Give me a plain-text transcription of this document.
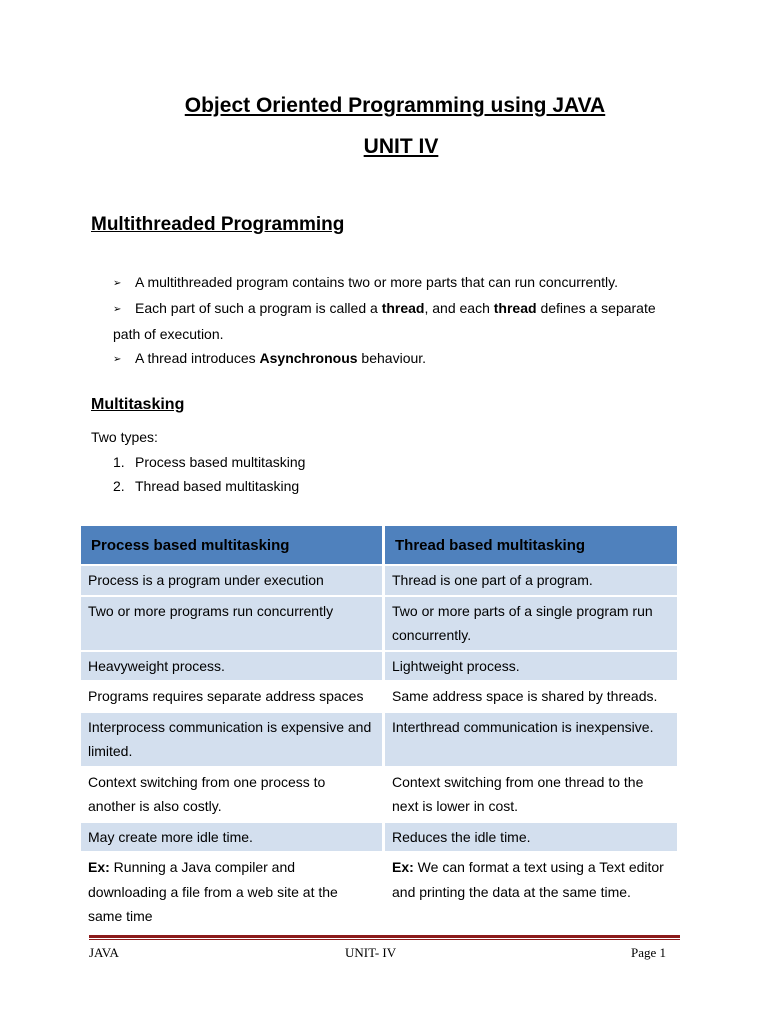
Object Oriented Programming using JAVA
UNIT IV
Multithreaded Programming
➢ A multithreaded program contains two or more parts that can run concurrently.
➢ Each part of such a program is called a thread, and each thread defines a separate path of execution.
➢ A thread introduces Asynchronous behaviour.
Multitasking
Two types:
1. Process based multitasking
2. Thread based multitasking
Process based multitasking	Thread based multitasking
Process is a program under execution	Thread is one part of a program.
Two or more programs run concurrently	Two or more parts of a single program run concurrently.
Heavyweight process.	Lightweight process.
Programs requires separate address spaces	Same address space is shared by threads.
Interprocess communication is expensive and limited.	Interthread communication is inexpensive.
Context switching from one process to another is also costly.	Context switching from one thread to the next is lower in cost.
May create more idle time.	Reduces the idle time.
Ex: Running a Java compiler and downloading a file from a web site at the same time	Ex: We can format a text using a Text editor and printing the data at the same time.
JAVA	UNIT- IV	Page 1
